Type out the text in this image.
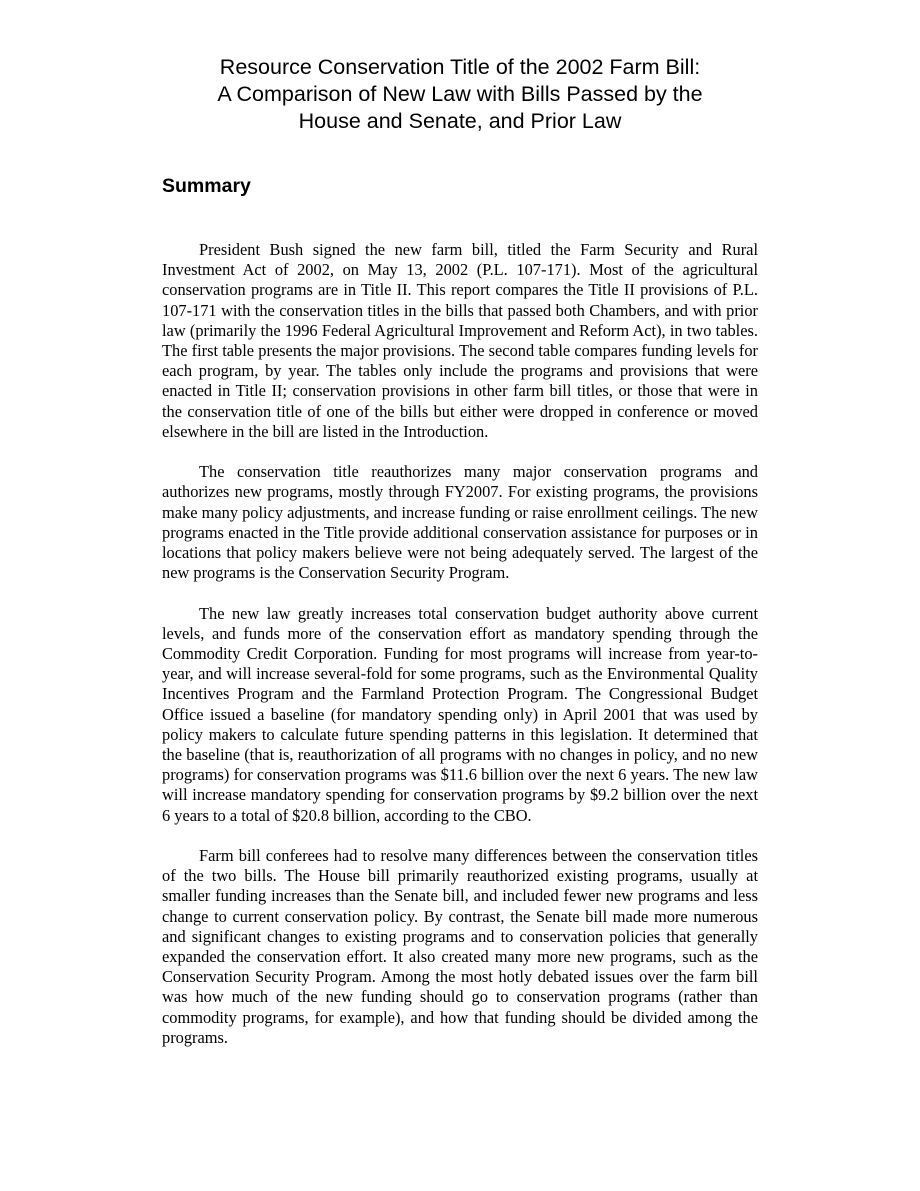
Resource Conservation Title of the 2002 Farm Bill:
A Comparison of New Law with Bills Passed by the
House and Senate, and Prior Law
Summary

President Bush signed the new farm bill, titled the Farm Security and Rural Investment Act of 2002, on May 13, 2002 (P.L. 107-171). Most of the agricultural conservation programs are in Title II. This report compares the Title II provisions of P.L. 107-171 with the conservation titles in the bills that passed both Chambers, and with prior law (primarily the 1996 Federal Agricultural Improvement and Reform Act), in two tables. The first table presents the major provisions. The second table compares funding levels for each program, by year. The tables only include the programs and provisions that were enacted in Title II; conservation provisions in other farm bill titles, or those that were in the conservation title of one of the bills but either were dropped in conference or moved elsewhere in the bill are listed in the Introduction.

The conservation title reauthorizes many major conservation programs and authorizes new programs, mostly through FY2007. For existing programs, the provisions make many policy adjustments, and increase funding or raise enrollment ceilings. The new programs enacted in the Title provide additional conservation assistance for purposes or in locations that policy makers believe were not being adequately served. The largest of the new programs is the Conservation Security Program.

The new law greatly increases total conservation budget authority above current levels, and funds more of the conservation effort as mandatory spending through the Commodity Credit Corporation. Funding for most programs will increase from year-to-year, and will increase several-fold for some programs, such as the Environmental Quality Incentives Program and the Farmland Protection Program. The Congressional Budget Office issued a baseline (for mandatory spending only) in April 2001 that was used by policy makers to calculate future spending patterns in this legislation. It determined that the baseline (that is, reauthorization of all programs with no changes in policy, and no new programs) for conservation programs was $11.6 billion over the next 6 years. The new law will increase mandatory spending for conservation programs by $9.2 billion over the next 6 years to a total of $20.8 billion, according to the CBO.

Farm bill conferees had to resolve many differences between the conservation titles of the two bills. The House bill primarily reauthorized existing programs, usually at smaller funding increases than the Senate bill, and included fewer new programs and less change to current conservation policy. By contrast, the Senate bill made more numerous and significant changes to existing programs and to conservation policies that generally expanded the conservation effort. It also created many more new programs, such as the Conservation Security Program. Among the most hotly debated issues over the farm bill was how much of the new funding should go to conservation programs (rather than commodity programs, for example), and how that funding should be divided among the programs.
